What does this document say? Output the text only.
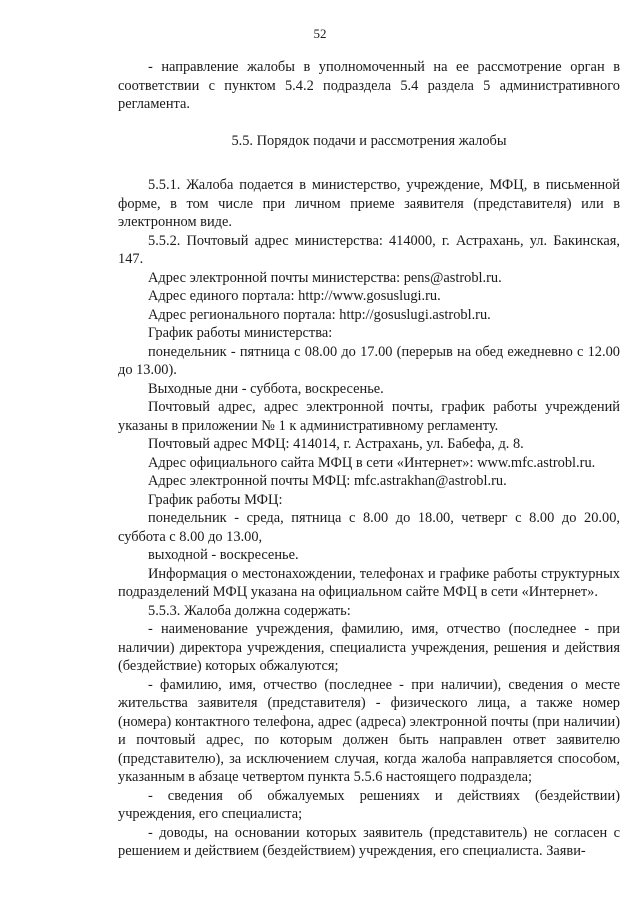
52

- направление жалобы в уполномоченный на ее рассмотрение орган в соответствии с пунктом 5.4.2 подраздела 5.4 раздела 5 административного регламента.

5.5. Порядок подачи и рассмотрения жалобы

5.5.1. Жалоба подается в министерство, учреждение, МФЦ, в письменной форме, в том числе при личном приеме заявителя (представителя) или в электронном виде.

5.5.2. Почтовый адрес министерства: 414000, г. Астрахань, ул. Бакинская, 147.

Адрес электронной почты министерства: pens@astrobl.ru.

Адрес единого портала: http://www.gosuslugi.ru.

Адрес регионального портала: http://gosuslugi.astrobl.ru.

График работы министерства:

понедельник - пятница с 08.00 до 17.00 (перерыв на обед ежедневно с 12.00 до 13.00).

Выходные дни - суббота, воскресенье.

Почтовый адрес, адрес электронной почты, график работы учреждений указаны в приложении № 1 к административному регламенту.

Почтовый адрес МФЦ: 414014, г. Астрахань, ул. Бабефа, д. 8.

Адрес официального сайта МФЦ в сети «Интернет»: www.mfc.astrobl.ru.

Адрес электронной почты МФЦ: mfc.astrakhan@astrobl.ru.

График работы МФЦ:

понедельник - среда, пятница с 8.00 до 18.00, четверг с 8.00 до 20.00, суббота с 8.00 до 13.00,

выходной - воскресенье.

Информация о местонахождении, телефонах и графике работы структурных подразделений МФЦ указана на официальном сайте МФЦ в сети «Интернет».

5.5.3. Жалоба должна содержать:

- наименование учреждения, фамилию, имя, отчество (последнее - при наличии) директора учреждения, специалиста учреждения, решения и действия (бездействие) которых обжалуются;

- фамилию, имя, отчество (последнее - при наличии), сведения о месте жительства заявителя (представителя) - физического лица, а также номер (номера) контактного телефона, адрес (адреса) электронной почты (при наличии) и почтовый адрес, по которым должен быть направлен ответ заявителю (представителю), за исключением случая, когда жалоба направляется способом, указанным в абзаце четвертом пункта 5.5.6 настоящего подраздела;

- сведения об обжалуемых решениях и действиях (бездействии) учреждения, его специалиста;

- доводы, на основании которых заявитель (представитель) не согласен с решением и действием (бездействием) учреждения, его специалиста. Заяви-
